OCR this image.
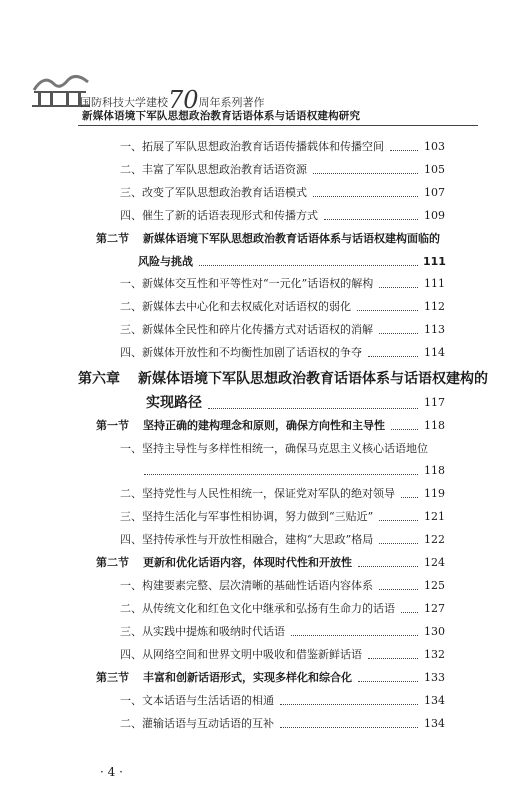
国防科技大学建校70周年系列著作
新媒体语境下军队思想政治教育话语体系与话语权建构研究
一、拓展了军队思想政治教育话语传播载体和传播空间	103
二、丰富了军队思想政治教育话语资源	105
三、改变了军队思想政治教育话语模式	107
四、催生了新的话语表现形式和传播方式	109
第二节 新媒体语境下军队思想政治教育话语体系与话语权建构面临的
风险与挑战	111
一、新媒体交互性和平等性对“一元化”话语权的解构	111
二、新媒体去中心化和去权威化对话语权的弱化	112
三、新媒体全民性和碎片化传播方式对话语权的消解	113
四、新媒体开放性和不均衡性加剧了话语权的争夺	114
第六章 新媒体语境下军队思想政治教育话语体系与话语权建构的
实现路径	117
第一节 坚持正确的建构理念和原则，确保方向性和主导性	118
一、坚持主导性与多样性相统一，确保马克思主义核心话语地位
118
二、坚持党性与人民性相统一，保证党对军队的绝对领导	119
三、坚持生活化与军事性相协调，努力做到“三贴近”	121
四、坚持传承性与开放性相融合，建构“大思政”格局	122
第二节 更新和优化话语内容，体现时代性和开放性	124
一、构建要素完整、层次清晰的基础性话语内容体系	125
二、从传统文化和红色文化中继承和弘扬有生命力的话语	127
三、从实践中提炼和吸纳时代话语	130
四、从网络空间和世界文明中吸收和借鉴新鲜话语	132
第三节 丰富和创新话语形式，实现多样化和综合化	133
一、文本话语与生活话语的相通	134
二、灌输话语与互动话语的互补	134
· 4 ·
